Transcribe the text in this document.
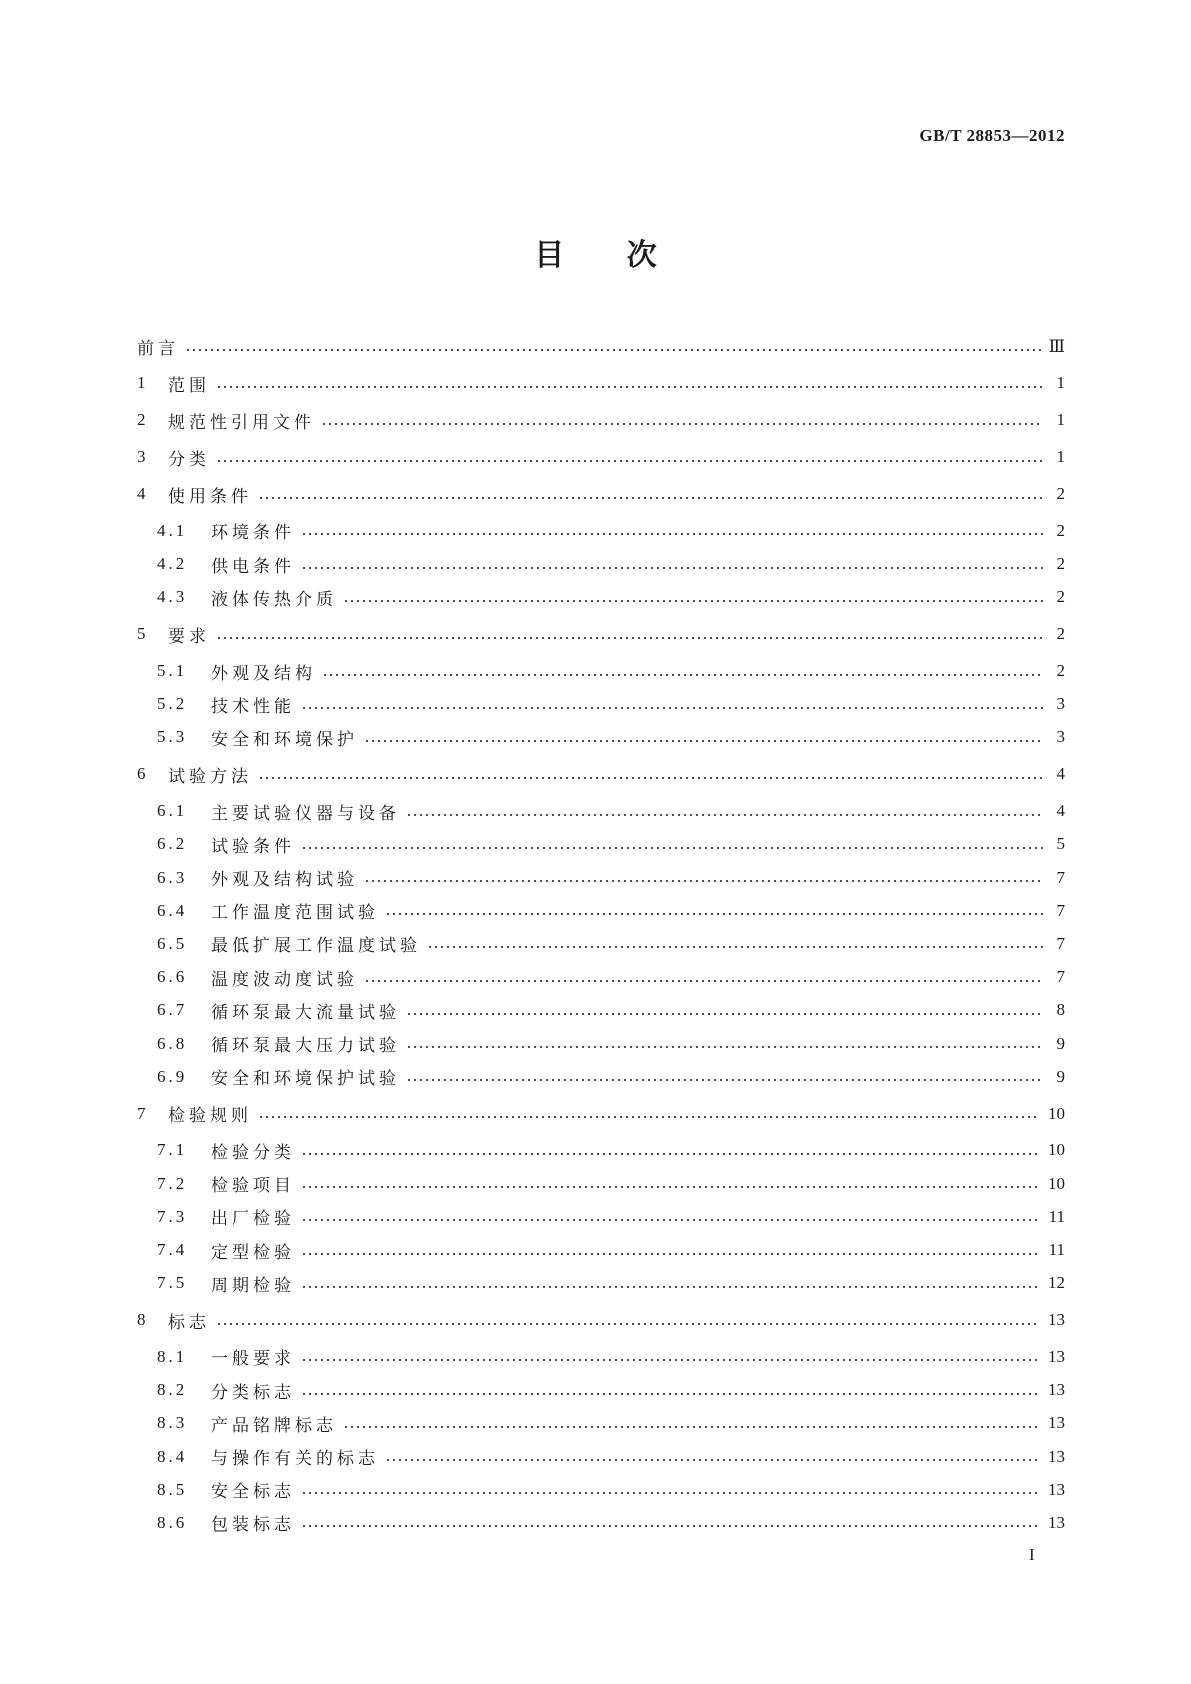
GB/T 28853—2012
目 次
前言	Ⅲ
1	范围	1
2	规范性引用文件	1
3	分类	1
4	使用条件	2
4.1	环境条件	2
4.2	供电条件	2
4.3	液体传热介质	2
5	要求	2
5.1	外观及结构	2
5.2	技术性能	3
5.3	安全和环境保护	3
6	试验方法	4
6.1	主要试验仪器与设备	4
6.2	试验条件	5
6.3	外观及结构试验	7
6.4	工作温度范围试验	7
6.5	最低扩展工作温度试验	7
6.6	温度波动度试验	7
6.7	循环泵最大流量试验	8
6.8	循环泵最大压力试验	9
6.9	安全和环境保护试验	9
7	检验规则	10
7.1	检验分类	10
7.2	检验项目	10
7.3	出厂检验	11
7.4	定型检验	11
7.5	周期检验	12
8	标志	13
8.1	一般要求	13
8.2	分类标志	13
8.3	产品铭牌标志	13
8.4	与操作有关的标志	13
8.5	安全标志	13
8.6	包装标志	13
I
